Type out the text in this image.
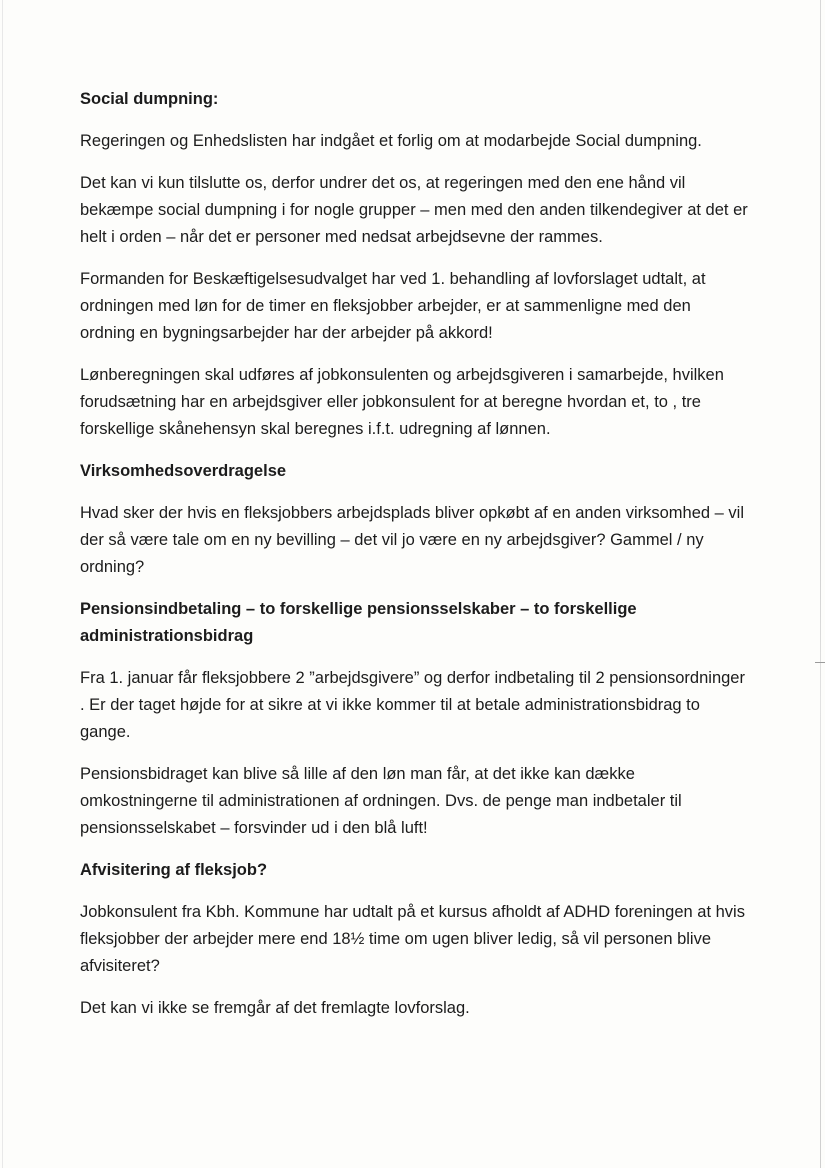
Social dumpning:
Regeringen og Enhedslisten har indgået et forlig om at modarbejde Social dumpning.
Det kan vi kun tilslutte os, derfor undrer det os, at regeringen med den ene hånd vil bekæmpe social dumpning i for nogle grupper – men med den anden tilkendegiver at det er helt i orden – når det er personer med nedsat arbejdsevne der rammes.
Formanden for Beskæftigelsesudvalget har ved 1. behandling af lovforslaget udtalt, at ordningen med løn for de timer en fleksjobber arbejder, er at sammenligne med den ordning en bygningsarbejder har der arbejder på akkord!
Lønberegningen skal udføres af jobkonsulenten og arbejdsgiveren i samarbejde, hvilken forudsætning har en arbejdsgiver eller jobkonsulent for at beregne hvordan et, to , tre forskellige skånehensyn skal beregnes i.f.t. udregning af lønnen.
Virksomhedsoverdragelse
Hvad sker der hvis en fleksjobbers arbejdsplads bliver opkøbt af en anden virksomhed – vil der så være tale om en ny bevilling – det vil jo være en ny arbejdsgiver? Gammel / ny ordning?
Pensionsindbetaling – to forskellige pensionsselskaber – to forskellige administrationsbidrag
Fra 1. januar får fleksjobbere 2 ”arbejdsgivere” og derfor indbetaling til 2 pensionsordninger . Er der taget højde for at sikre at vi ikke kommer til at betale administrationsbidrag to gange.
Pensionsbidraget kan blive så lille af den løn man får, at det ikke kan dække omkostningerne til administrationen af ordningen. Dvs. de penge man indbetaler til pensionsselskabet – forsvinder ud i den blå luft!
Afvisitering af fleksjob?
Jobkonsulent fra Kbh. Kommune har udtalt på et kursus afholdt af ADHD foreningen at hvis fleksjobber der arbejder mere end 18½ time om ugen bliver ledig, så vil personen blive afvisiteret?
Det kan vi ikke se fremgår af det fremlagte lovforslag.
